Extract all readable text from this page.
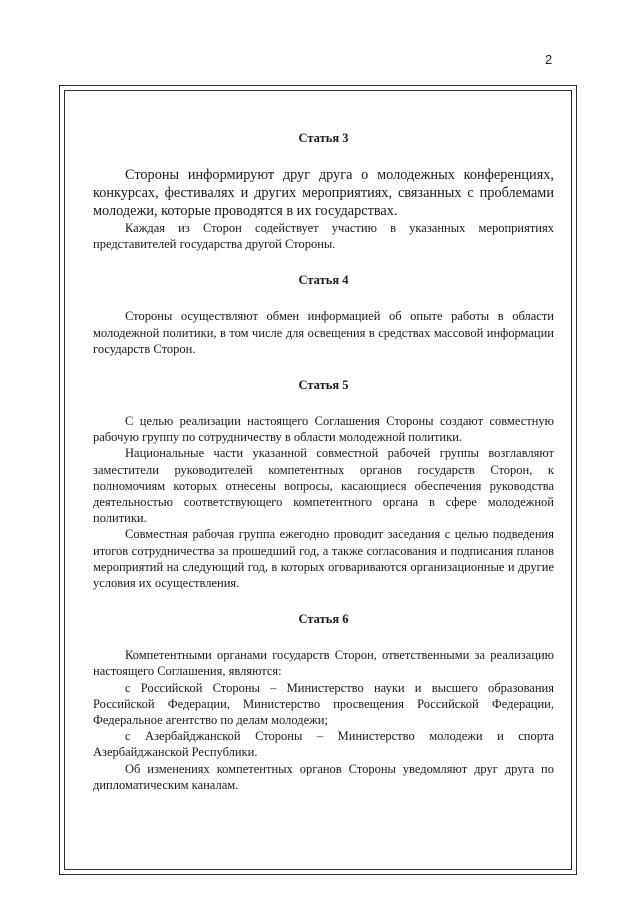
2
Статья 3

Стороны информируют друг друга о молодежных конференциях, конкурсах, фестивалях и других мероприятиях, связанных с проблемами молодежи, которые проводятся в их государствах.

Каждая из Сторон содействует участию в указанных мероприятиях представителей государства другой Стороны.

Статья 4

Стороны осуществляют обмен информацией об опыте работы в области молодежной политики, в том числе для освещения в средствах массовой информации государств Сторон.

Статья 5

С целью реализации настоящего Соглашения Стороны создают совместную рабочую группу по сотрудничеству в области молодежной политики.

Национальные части указанной совместной рабочей группы возглавляют заместители руководителей компетентных органов государств Сторон, к полномочиям которых отнесены вопросы, касающиеся обеспечения руководства деятельностью соответствующего компетентного органа в сфере молодежной политики.

Совместная рабочая группа ежегодно проводит заседания с целью подведения итогов сотрудничества за прошедший год, а также согласования и подписания планов мероприятий на следующий год, в которых оговариваются организационные и другие условия их осуществления.

Статья 6

Компетентными органами государств Сторон, ответственными за реализацию настоящего Соглашения, являются:

с Российской Стороны – Министерство науки и высшего образования Российской Федерации, Министерство просвещения Российской Федерации, Федеральное агентство по делам молодежи;

с Азербайджанской Стороны – Министерство молодежи и спорта Азербайджанской Республики.

Об изменениях компетентных органов Стороны уведомляют друг друга по дипломатическим каналам.
